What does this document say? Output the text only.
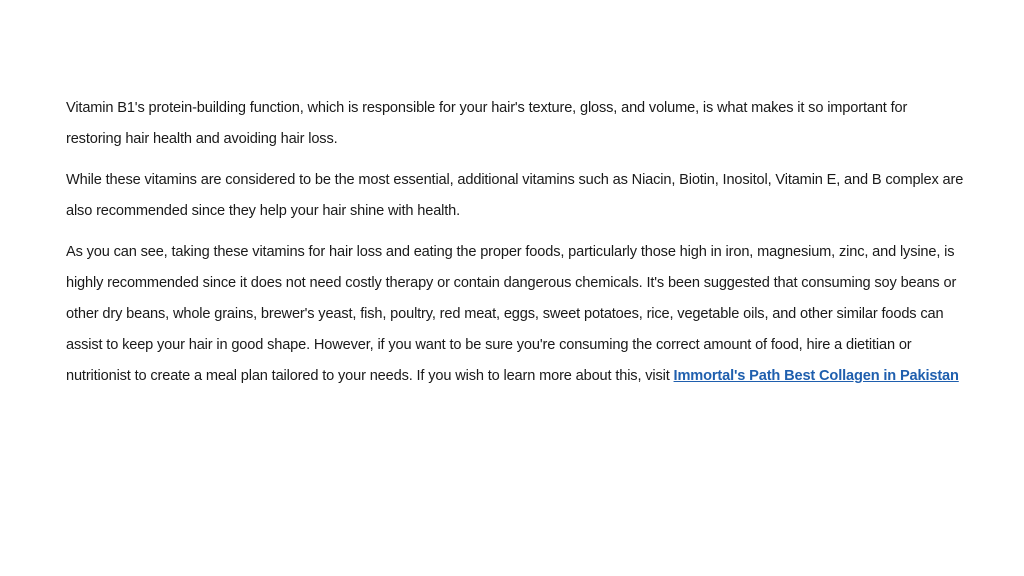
Vitamin B1's protein-building function, which is responsible for your hair's texture, gloss, and volume, is what makes it so important for restoring hair health and avoiding hair loss.

While these vitamins are considered to be the most essential, additional vitamins such as Niacin, Biotin, Inositol, Vitamin E, and B complex are also recommended since they help your hair shine with health.

As you can see, taking these vitamins for hair loss and eating the proper foods, particularly those high in iron, magnesium, zinc, and lysine, is highly recommended since it does not need costly therapy or contain dangerous chemicals. It's been suggested that consuming soy beans or other dry beans, whole grains, brewer's yeast, fish, poultry, red meat, eggs, sweet potatoes, rice, vegetable oils, and other similar foods can assist to keep your hair in good shape. However, if you want to be sure you're consuming the correct amount of food, hire a dietitian or nutritionist to create a meal plan tailored to your needs. If you wish to learn more about this, visit Immortal's Path Best Collagen in Pakistan
